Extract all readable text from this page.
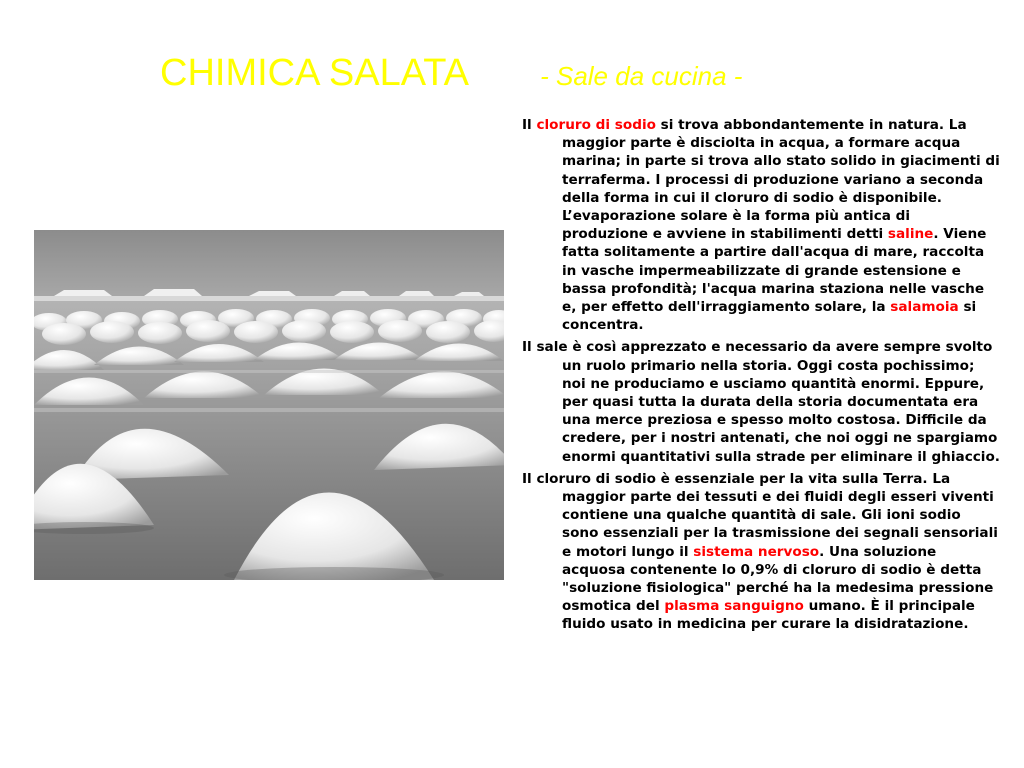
CHIMICA SALATA	- Sale da cucina -

Il cloruro di sodio si trova abbondantemente in natura. La maggior parte è disciolta in acqua, a formare acqua marina; in parte si trova allo stato solido in giacimenti di terraferma. I processi di produzione variano a seconda della forma in cui il cloruro di sodio è disponibile. L’evaporazione solare è la forma più antica di produzione e avviene in stabilimenti detti saline. Viene fatta solitamente a partire dall'acqua di mare, raccolta in vasche impermeabilizzate di grande estensione e bassa profondità; l'acqua marina staziona nelle vasche e, per effetto dell'irraggiamento solare, la salamoia si concentra.

Il sale è così apprezzato e necessario da avere sempre svolto un ruolo primario nella storia. Oggi costa pochissimo; noi ne produciamo e usciamo quantità enormi. Eppure, per quasi tutta la durata della storia documentata era una merce preziosa e spesso molto costosa. Difficile da credere, per i nostri antenati, che noi oggi ne spargiamo enormi quantitativi sulla strade per eliminare il ghiaccio.

Il cloruro di sodio è essenziale per la vita sulla Terra. La maggior parte dei tessuti e dei fluidi degli esseri viventi contiene una qualche quantità di sale. Gli ioni sodio sono essenziali per la trasmissione dei segnali sensoriali e motori lungo il sistema nervoso. Una soluzione acquosa contenente lo 0,9% di cloruro di sodio è detta "soluzione fisiologica" perché ha la medesima pressione osmotica del plasma sanguigno umano. È il principale fluido usato in medicina per curare la disidratazione.
